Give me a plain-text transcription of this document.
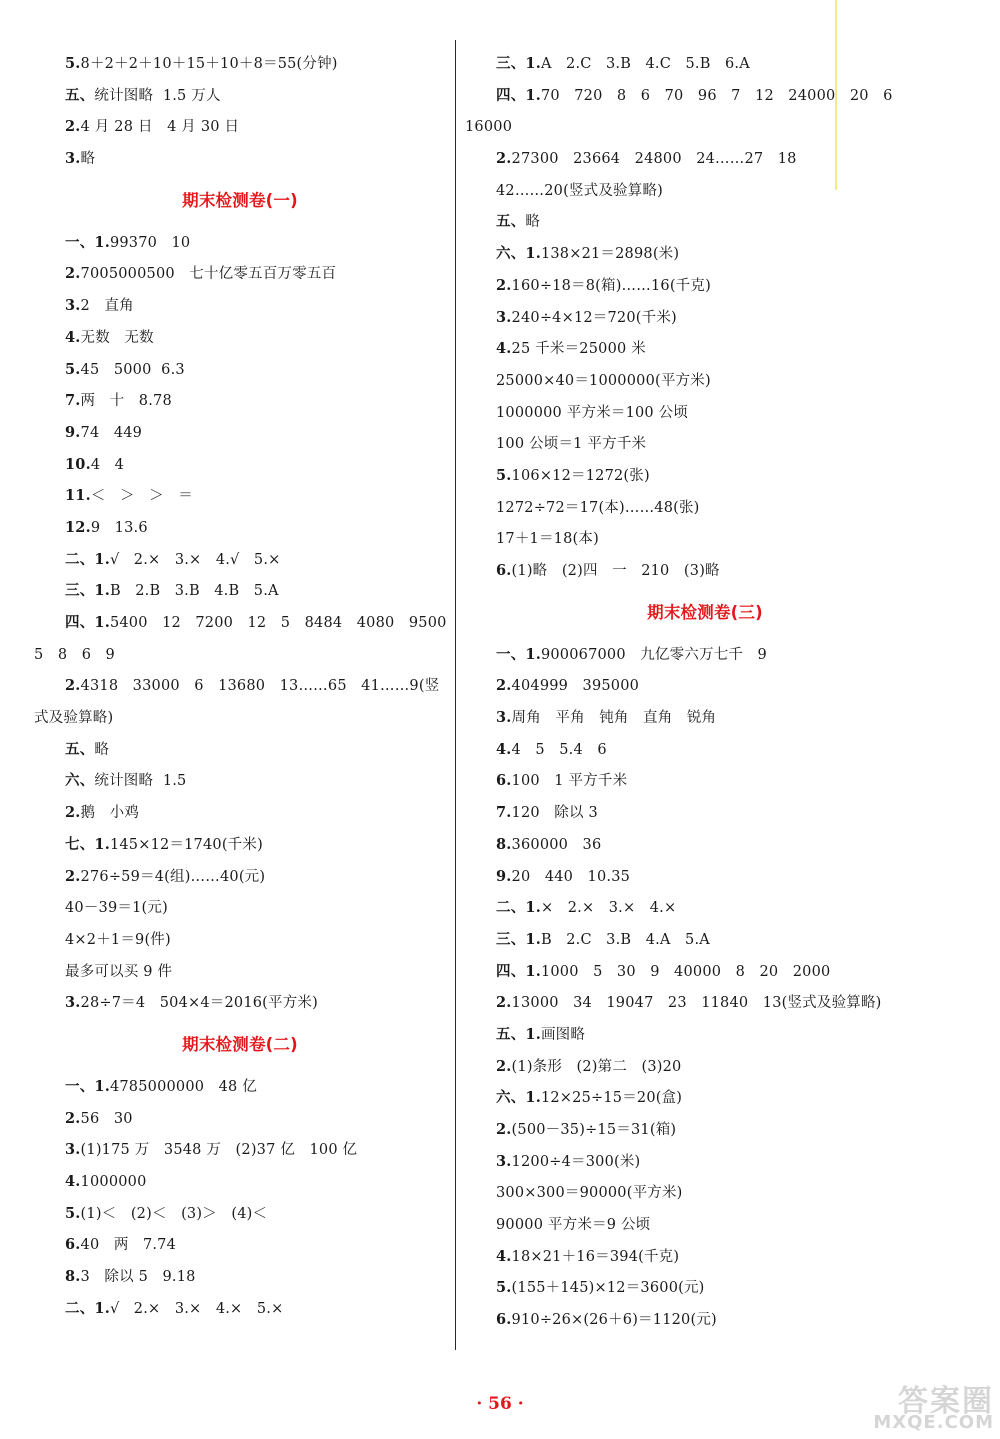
5.8＋2＋2＋10＋15＋10＋8＝55(分钟)
五、统计图略  1.5 万人
2.4 月 28 日   4 月 30 日
3.略
期末检测卷(一)
一、1.99370   10
2.7005000500   七十亿零五百万零五百
3.2   直角
4.无数   无数
5.45   5000  6.3
7.两   十   8.78
9.74   449
10.4   4
11.＜   ＞   ＞   ＝
12.9   13.6
二、1.√   2.×   3.×   4.√   5.×
三、1.B   2.B   3.B   4.B   5.A
四、1.5400   12   7200   12   5   8484   4080   9500
5   8   6   9
2.4318   33000   6   13680   13……65   41……9(竖
式及验算略)
五、略
六、统计图略  1.5
2.鹅   小鸡
七、1.145×12＝1740(千米)
2.276÷59＝4(组)……40(元)
40－39＝1(元)
4×2＋1＝9(件)
最多可以买 9 件
3.28÷7＝4   504×4＝2016(平方米)
期末检测卷(二)
一、1.4785000000   48 亿
2.56   30
3.(1)175 万   3548 万   (2)37 亿   100 亿
4.1000000
5.(1)＜   (2)＜   (3)＞   (4)＜
6.40   两   7.74
8.3   除以 5   9.18
二、1.√   2.×   3.×   4.×   5.×
三、1.A   2.C   3.B   4.C   5.B   6.A
四、1.70   720   8   6   70   96   7   12   24000   20   6
16000
2.27300   23664   24800   24……27   18
42……20(竖式及验算略)
五、略
六、1.138×21＝2898(米)
2.160÷18＝8(箱)……16(千克)
3.240÷4×12＝720(千米)
4.25 千米＝25000 米
25000×40＝1000000(平方米)
1000000 平方米＝100 公顷
100 公顷＝1 平方千米
5.106×12＝1272(张)
1272÷72＝17(本)……48(张)
17＋1＝18(本)
6.(1)略   (2)四   一   210   (3)略
期末检测卷(三)
一、1.900067000   九亿零六万七千   9
2.404999   395000
3.周角   平角   钝角   直角   锐角
4.4   5   5.4   6
6.100   1 平方千米
7.120   除以 3
8.360000   36
9.20   440   10.35
二、1.×   2.×   3.×   4.×
三、1.B   2.C   3.B   4.A   5.A
四、1.1000   5   30   9   40000   8   20   2000
2.13000   34   19047   23   11840   13(竖式及验算略)
五、1.画图略
2.(1)条形   (2)第二   (3)20
六、1.12×25÷15＝20(盒)
2.(500－35)÷15＝31(箱)
3.1200÷4＝300(米)
300×300＝90000(平方米)
90000 平方米＝9 公顷
4.18×21＋16＝394(千克)
5.(155＋145)×12＝3600(元)
6.910÷26×(26＋6)＝1120(元)
· 56 ·	答案圈
MXQE.COM
